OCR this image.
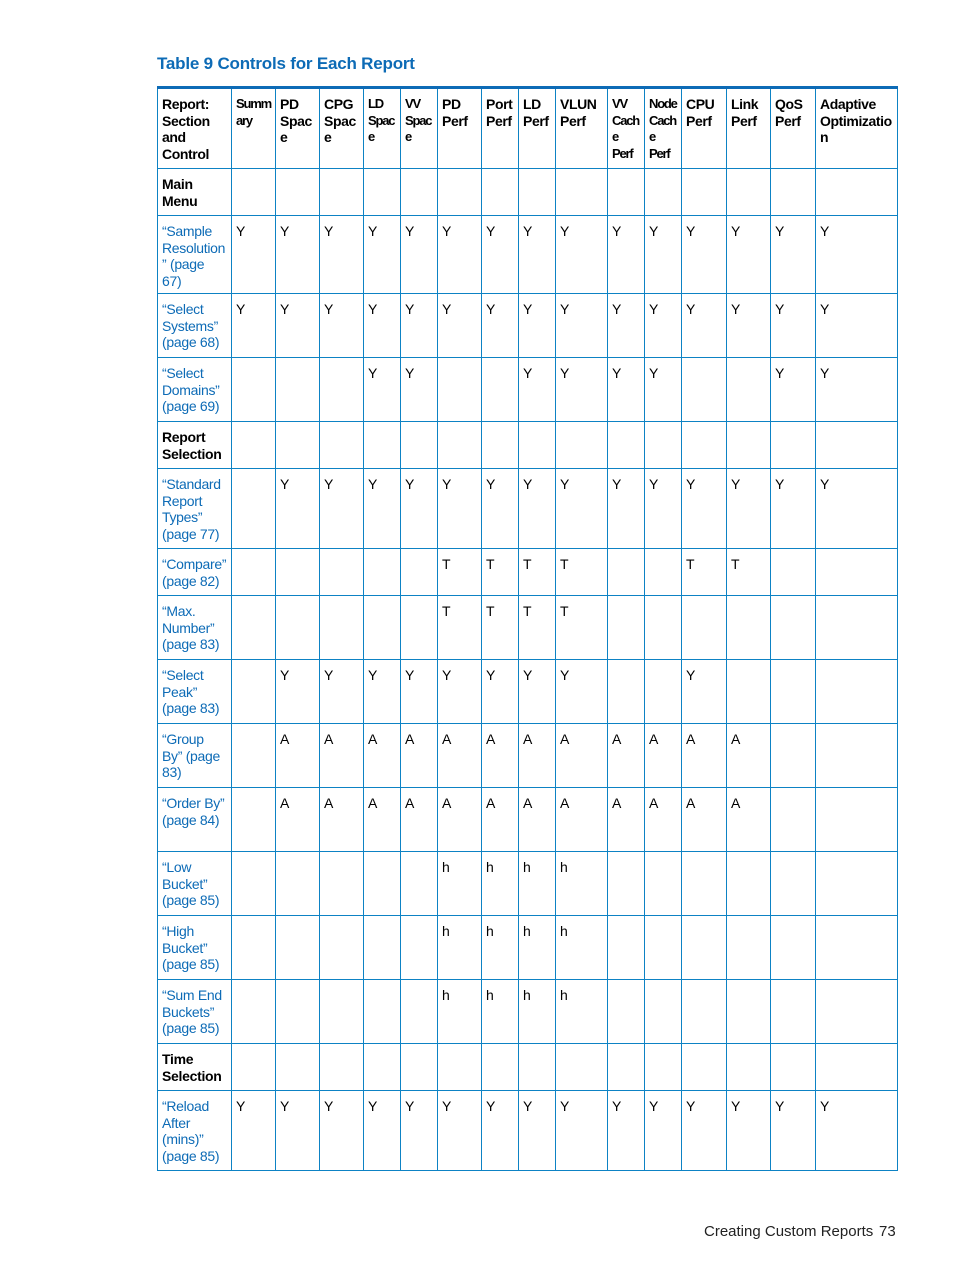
Table 9 Controls for Each Report
Report: Section and Control	Summary	PD Space	CPG Space	LD Space	VV Space	PD Perf	Port Perf	LD Perf	VLUN Perf	VV Cache Perf	Node Cache Perf	CPU Perf	Link Perf	QoS Perf	Adaptive Optimization
Main Menu															
“Sample Resolution” (page 67)	Y	Y	Y	Y	Y	Y	Y	Y	Y	Y	Y	Y	Y	Y	Y
“Select Systems” (page 68)	Y	Y	Y	Y	Y	Y	Y	Y	Y	Y	Y	Y	Y	Y	Y
“Select Domains” (page 69)				Y	Y			Y	Y	Y	Y			Y	Y
Report Selection															
“Standard Report Types” (page 77)		Y	Y	Y	Y	Y	Y	Y	Y	Y	Y	Y	Y	Y	Y
“Compare” (page 82)						T	T	T	T			T	T		
“Max. Number” (page 83)						T	T	T	T						
“Select Peak” (page 83)		Y	Y	Y	Y	Y	Y	Y	Y			Y			
“Group By” (page 83)		A	A	A	A	A	A	A	A	A	A	A	A		
“Order By” (page 84)		A	A	A	A	A	A	A	A	A	A	A	A		
“Low Bucket” (page 85)						h	h	h	h						
“High Bucket” (page 85)						h	h	h	h						
“Sum End Buckets” (page 85)						h	h	h	h						
Time Selection															
“Reload After (mins)” (page 85)	Y	Y	Y	Y	Y	Y	Y	Y	Y	Y	Y	Y	Y	Y	Y
Creating Custom Reports 73
